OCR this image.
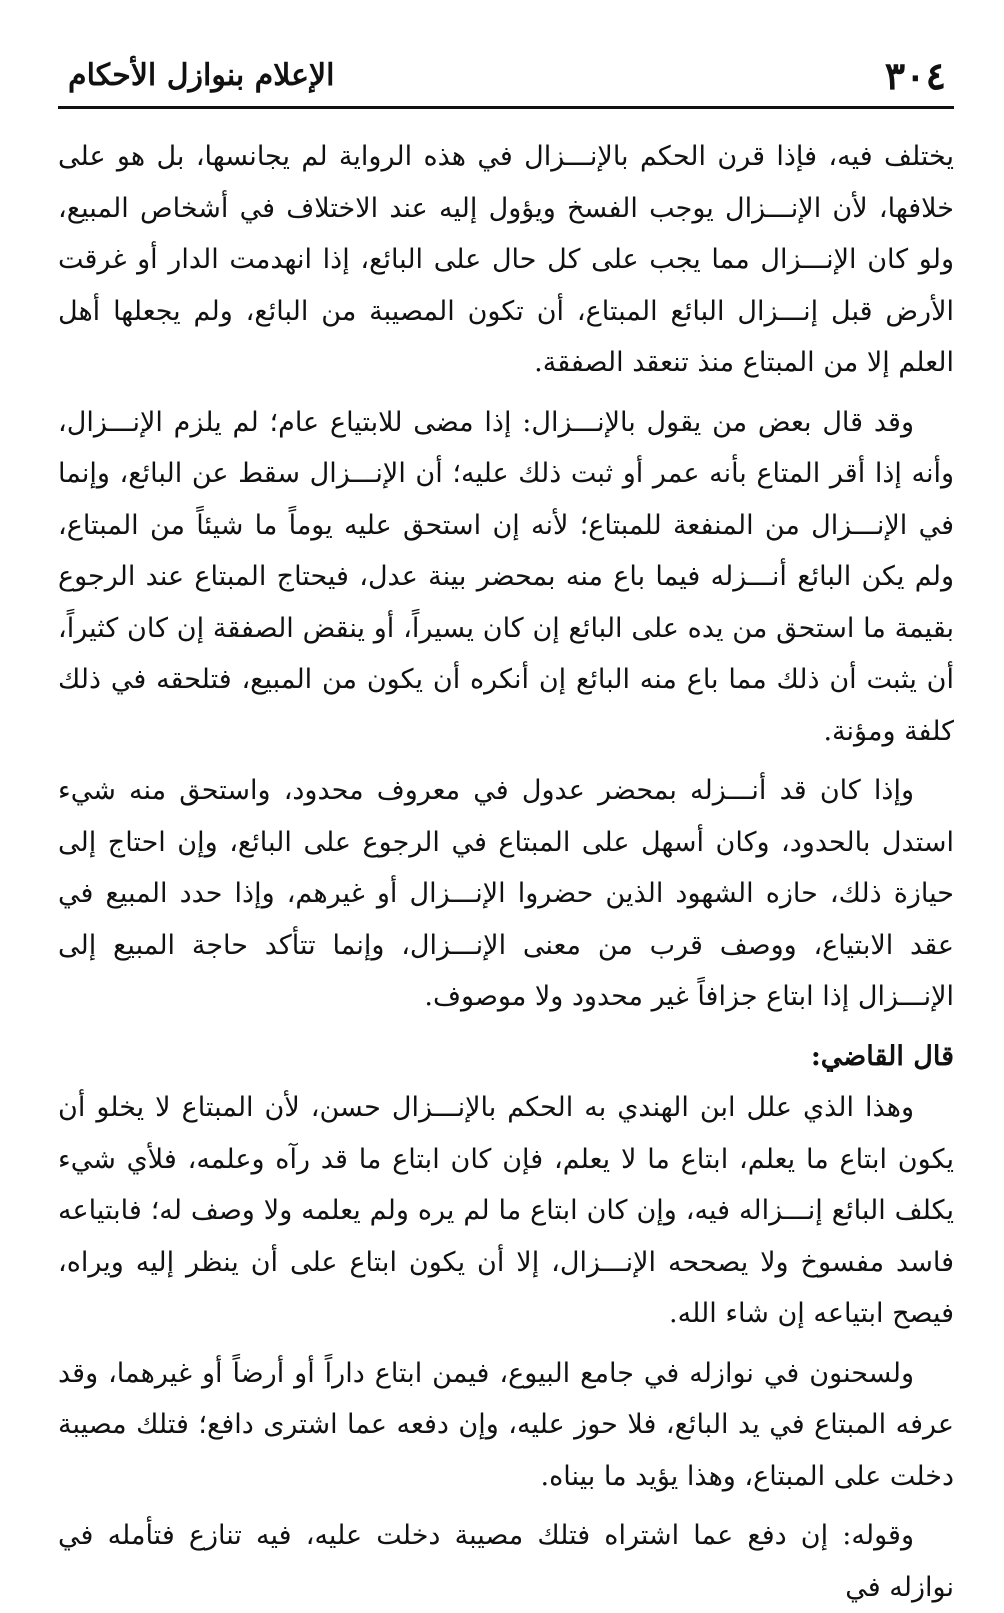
٣٠٤
الإعلام بنوازل الأحكام

يختلف فيه، فإذا قرن الحكم بالإنـــزال في هذه الرواية لم يجانسها، بل هو على خلافها، لأن الإنـــزال يوجب الفسخ ويؤول إليه عند الاختلاف في أشخاص المبيع، ولو كان الإنـــزال مما يجب على كل حال على البائع، إذا انهدمت الدار أو غرقت الأرض قبل إنـــزال البائع المبتاع، أن تكون المصيبة من البائع، ولم يجعلها أهل العلم إلا من المبتاع منذ تنعقد الصفقة.

وقد قال بعض من يقول بالإنـــزال: إذا مضى للابتياع عام؛ لم يلزم الإنـــزال، وأنه إذا أقر المتاع بأنه عمر أو ثبت ذلك عليه؛ أن الإنـــزال سقط عن البائع، وإنما في الإنـــزال من المنفعة للمبتاع؛ لأنه إن استحق عليه يوماً ما شيئاً من المبتاع، ولم يكن البائع أنـــزله فيما باع منه بمحضر بينة عدل، فيحتاج المبتاع عند الرجوع بقيمة ما استحق من يده على البائع إن كان يسيراً، أو ينقض الصفقة إن كان كثيراً، أن يثبت أن ذلك مما باع منه البائع إن أنكره أن يكون من المبيع، فتلحقه في ذلك كلفة ومؤنة.

وإذا كان قد أنـــزله بمحضر عدول في معروف محدود، واستحق منه شيء استدل بالحدود، وكان أسهل على المبتاع في الرجوع على البائع، وإن احتاج إلى حيازة ذلك، حازه الشهود الذين حضروا الإنـــزال أو غيرهم، وإذا حدد المبيع في عقد الابتياع، ووصف قرب من معنى الإنـــزال، وإنما تتأكد حاجة المبيع إلى الإنـــزال إذا ابتاع جزافاً غير محدود ولا موصوف.

قال القاضي:

وهذا الذي علل ابن الهندي به الحكم بالإنـــزال حسن، لأن المبتاع لا يخلو أن يكون ابتاع ما يعلم، ابتاع ما لا يعلم، فإن كان ابتاع ما قد رآه وعلمه، فلأي شيء يكلف البائع إنـــزاله فيه، وإن كان ابتاع ما لم يره ولم يعلمه ولا وصف له؛ فابتياعه فاسد مفسوخ ولا يصححه الإنـــزال، إلا أن يكون ابتاع على أن ينظر إليه ويراه، فيصح ابتياعه إن شاء الله.

ولسحنون في نوازله في جامع البيوع، فيمن ابتاع داراً أو أرضاً أو غيرهما، وقد عرفه المبتاع في يد البائع، فلا حوز عليه، وإن دفعه عما اشترى دافع؛ فتلك مصيبة دخلت على المبتاع، وهذا يؤيد ما بيناه.

وقوله: إن دفع عما اشتراه فتلك مصيبة دخلت عليه، فيه تنازع فتأمله في نوازله في
